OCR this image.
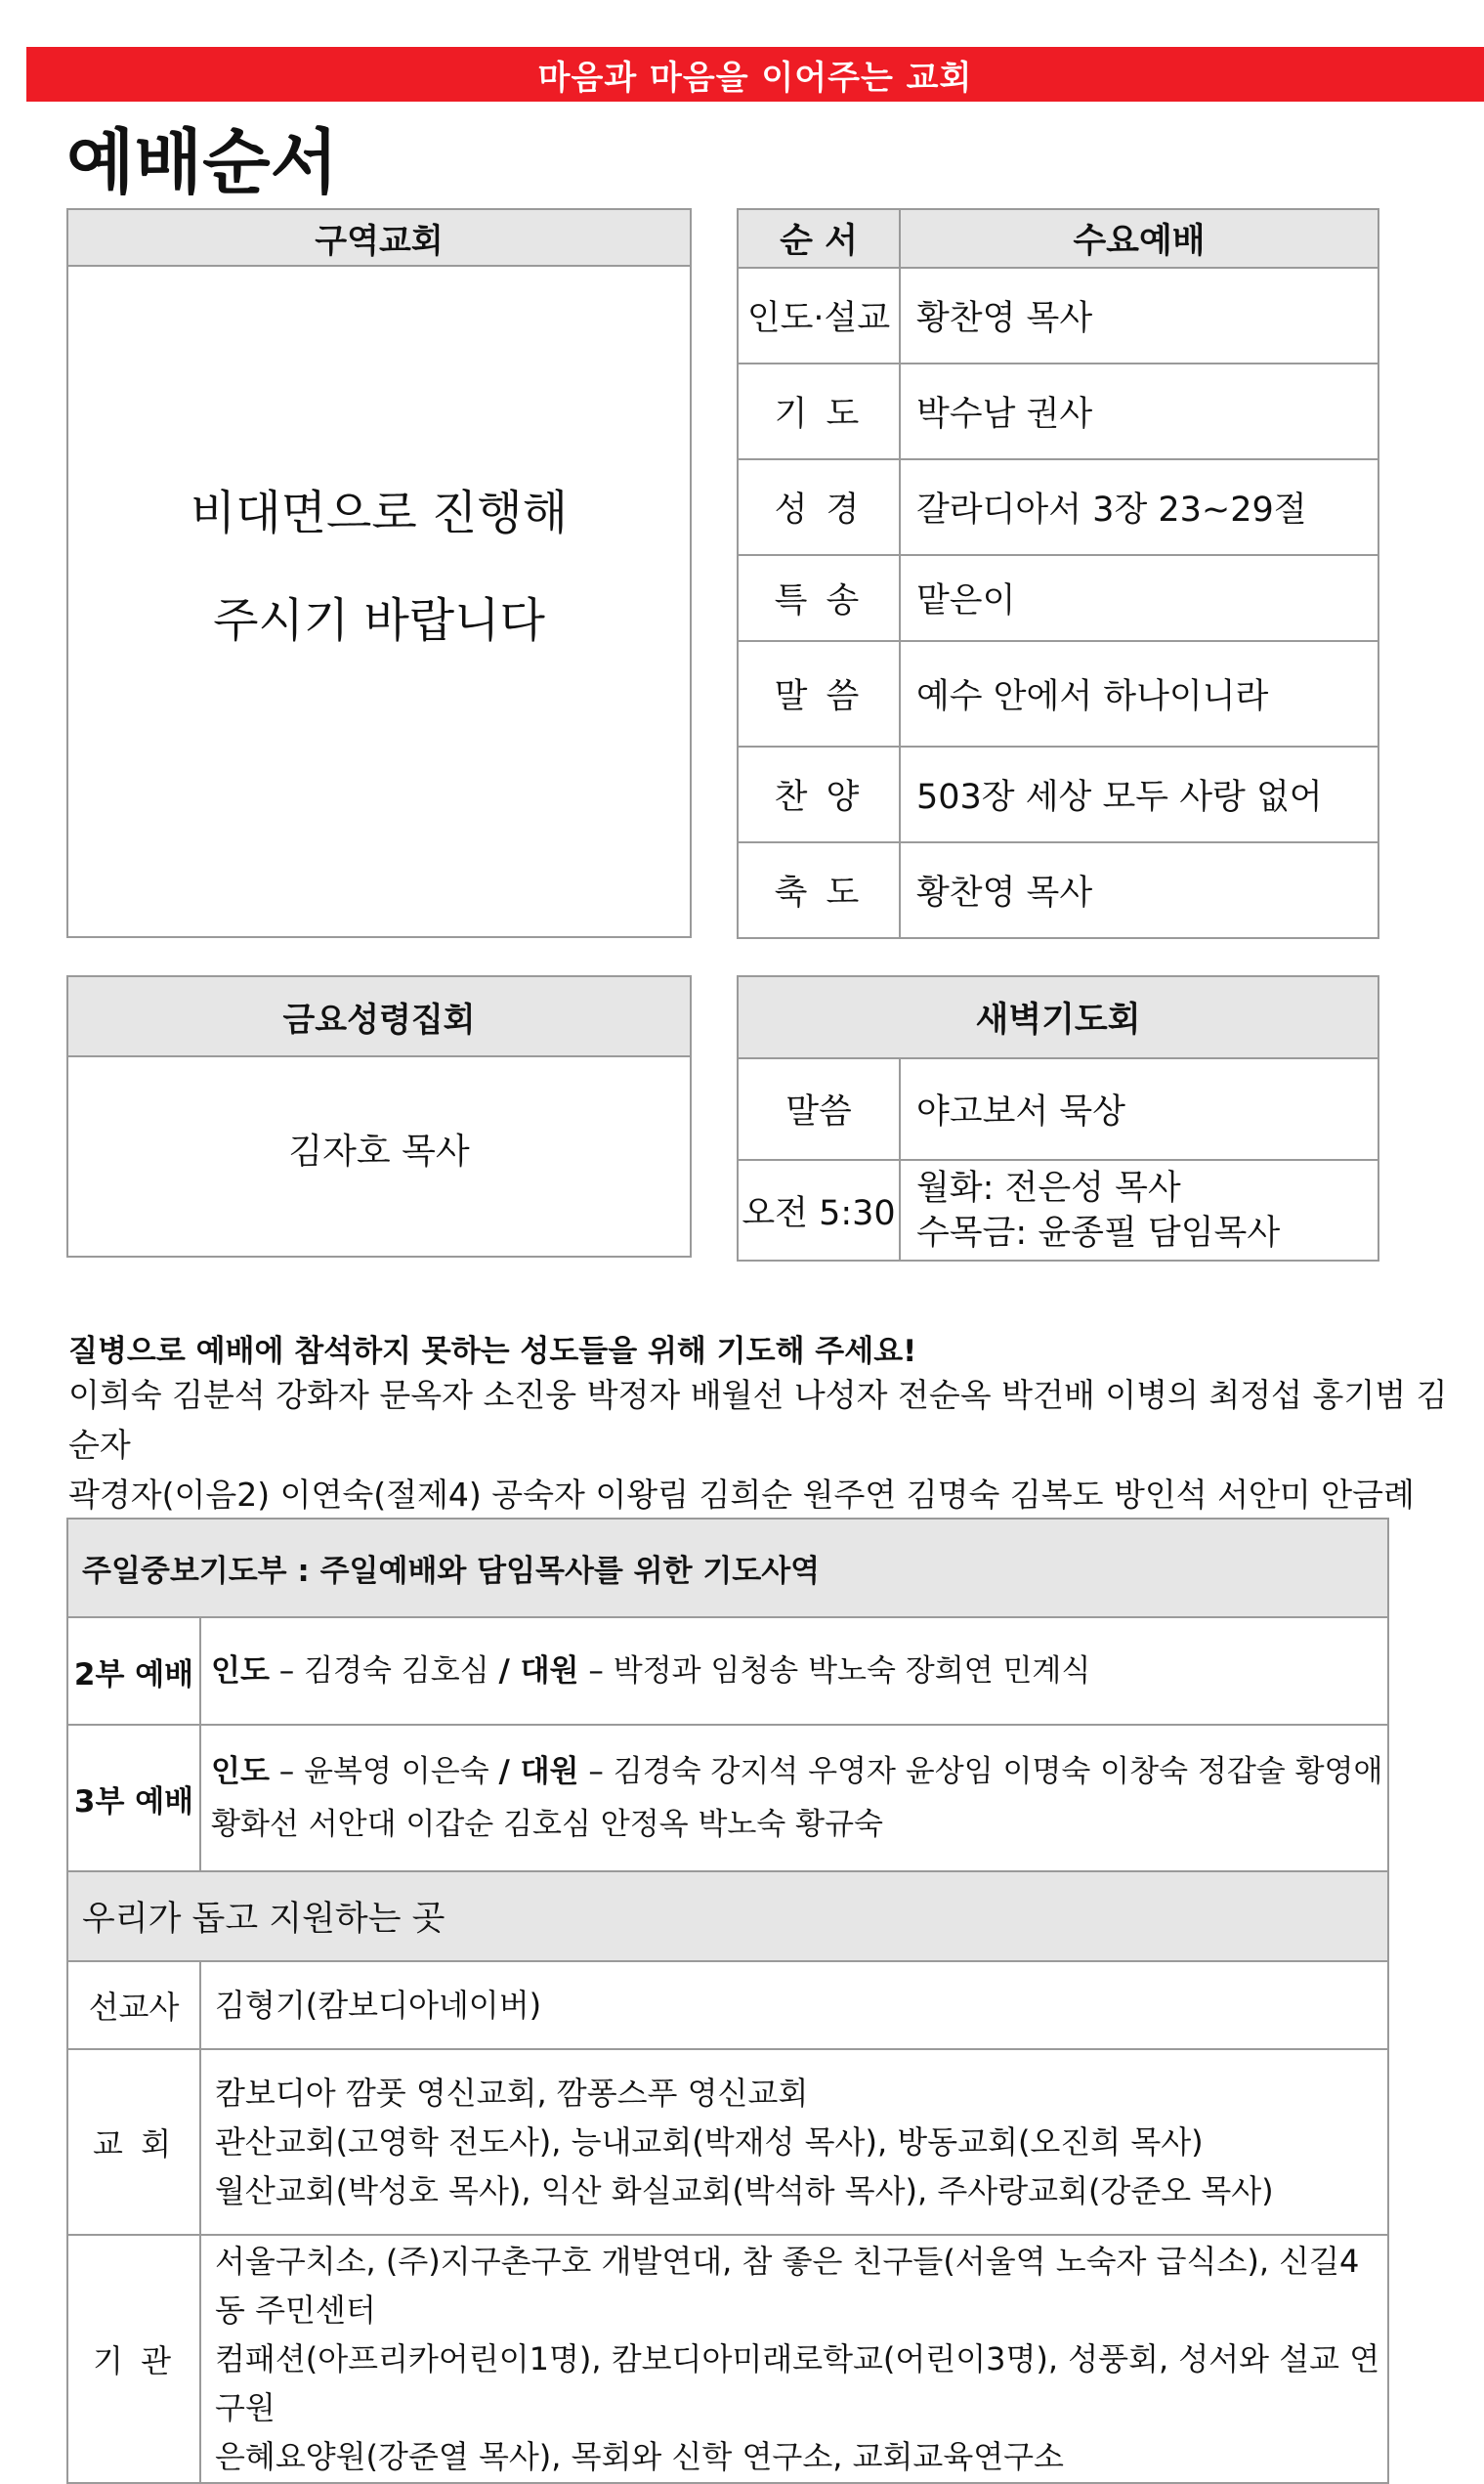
마음과 마음을 이어주는 교회
예배순서
구역교회
비대면으로 진행해
주시기 바랍니다
순 서	수요예배
인도·설교	황찬영 목사
기 도	박수남 권사
성 경	갈라디아서 3장 23~29절
특 송	맡은이
말 씀	예수 안에서 하나이니라
찬 양	503장 세상 모두 사랑 없어
축 도	황찬영 목사
금요성령집회
김자호 목사
새벽기도회	
말씀	야고보서 묵상
오전 5:30	월화: 전은성 목사
수목금: 윤종필 담임목사
질병으로 예배에 참석하지 못하는 성도들을 위해 기도해 주세요!
이희숙 김분석 강화자 문옥자 소진웅 박정자 배월선 나성자 전순옥 박건배 이병의 최정섭 홍기범 김순자
곽경자(이음2) 이연숙(절제4) 공숙자 이왕림 김희순 원주연 김명숙 김복도 방인석 서안미 안금례
주일중보기도부 : 주일예배와 담임목사를 위한 기도사역	
2부 예배	인도 – 김경숙 김호심 / 대원 – 박정과 임청송 박노숙 장희연 민계식
3부 예배	인도 – 윤복영 이은숙 / 대원 – 김경숙 강지석 우영자 윤상임 이명숙 이창숙 정갑술 황영애
황화선 서안대 이갑순 김호심 안정옥 박노숙 황규숙

우리가 돕고 지원하는 곳	
선교사	김형기(캄보디아네이버)
교 회	캄보디아 깜풋 영신교회, 깜퐁스푸 영신교회
관산교회(고영학 전도사), 능내교회(박재성 목사), 방동교회(오진희 목사)
월산교회(박성호 목사), 익산 화실교회(박석하 목사), 주사랑교회(강준오 목사)

기 관	서울구치소, (주)지구촌구호 개발연대, 참 좋은 친구들(서울역 노숙자 급식소), 신길4동 주민센터
컴패션(아프리카어린이1명), 캄보디아미래로학교(어린이3명), 성풍회, 성서와 설교 연구원
은혜요양원(강준열 목사), 목회와 신학 연구소, 교회교육연구소
